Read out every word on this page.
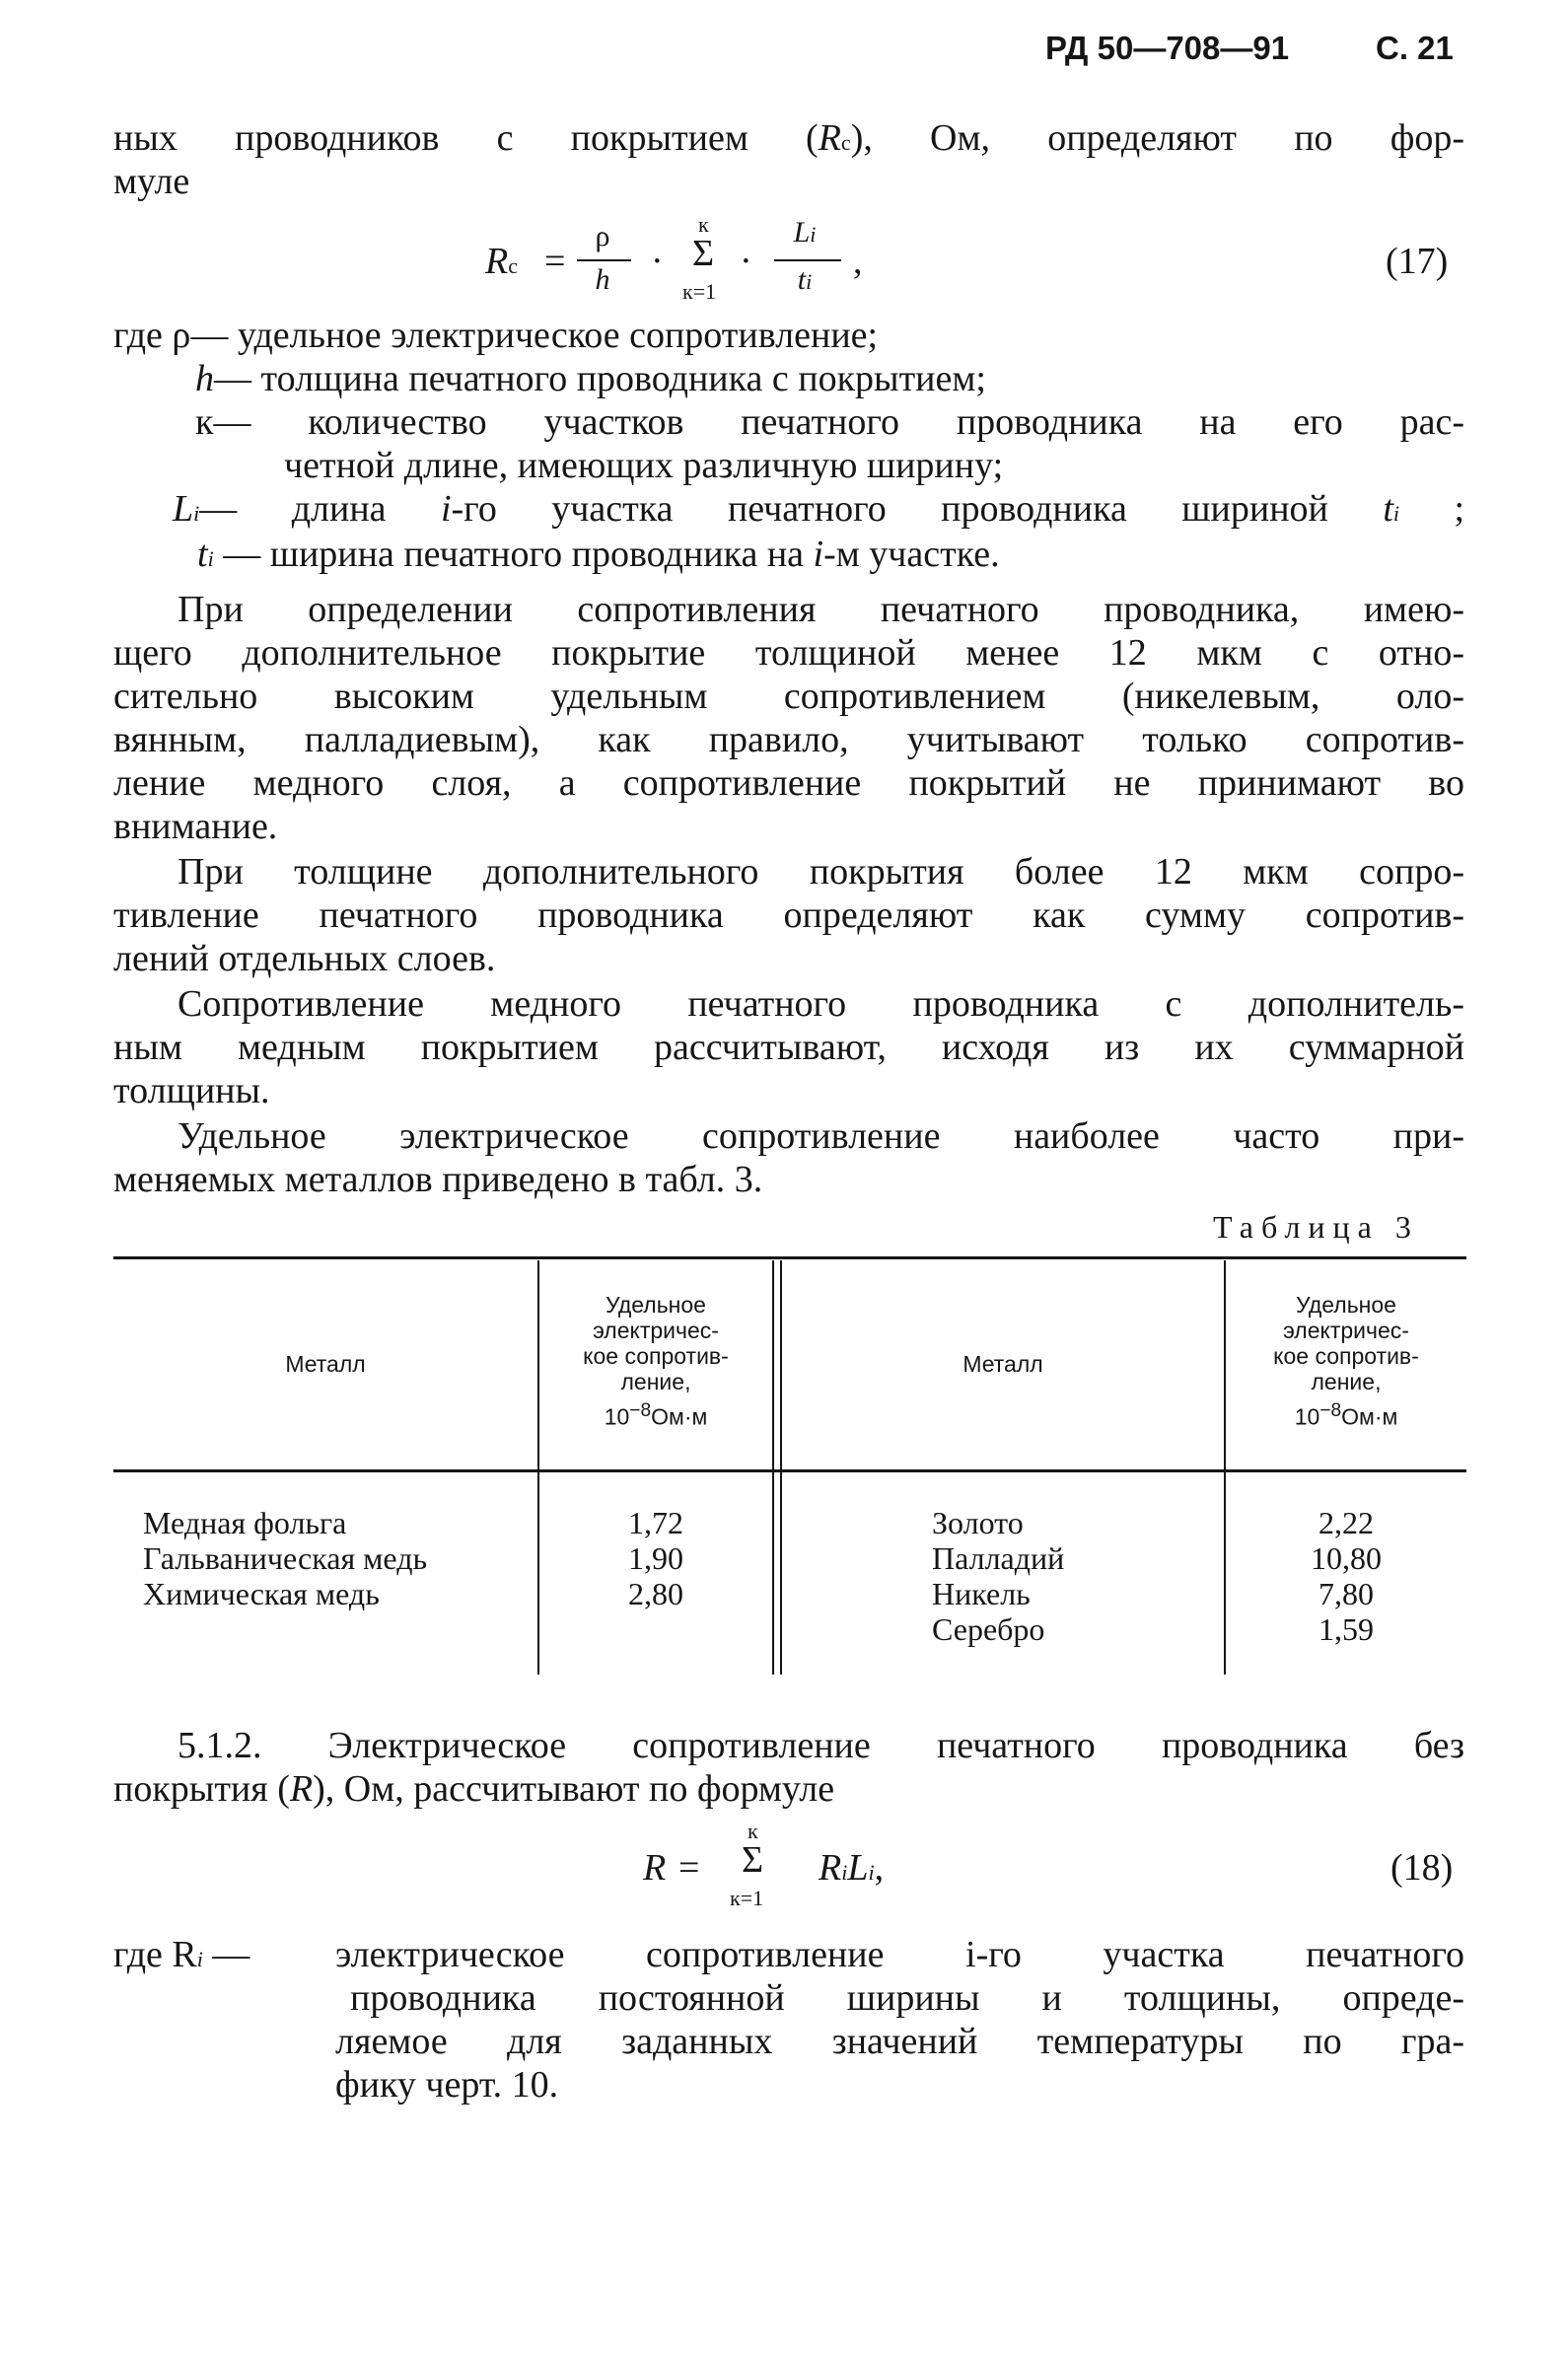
РД 50—708—91	С. 21
ных проводников с покрытием (Rс), Ом, определяют по фор-
муле
Rс =
ρ
h	·
к
Σ
к=1
·
Li
ti	,	(17)
где ρ— удельное электрическое сопротивление;
h— толщина печатного проводника с покрытием;
к— количество участков печатного проводника на его рас-
четной длине, имеющих различную ширину;
Li— длина i-го участка печатного проводника шириной ti ;
ti — ширина печатного проводника на i-м участке.
При определении сопротивления печатного проводника, имею-
щего дополнительное покрытие толщиной менее 12 мкм с отно-
сительно высоким удельным сопротивлением (никелевым, оло-
вянным, палладиевым), как правило, учитывают только сопротив-
ление медного слоя, а сопротивление покрытий не принимают во
внимание.
При толщине дополнительного покрытия более 12 мкм сопро-
тивление печатного проводника определяют как сумму сопротив-
лений отдельных слоев.
Сопротивление медного печатного проводника с дополнитель-
ным медным покрытием рассчитывают, исходя из их суммарной
толщины.
Удельное электрическое сопротивление наиболее часто при-
меняемых металлов приведено в табл. 3.
Таблица 3
Металл
Удельное
электричес-
кое сопротив-
ление,
$10^{-8}Ом\cdot м$
Металл
Удельное
электричес-
кое сопротив-
ление,
$10^{-8}Ом\cdot м$
Медная фольга	1,72
Гальваническая медь	1,90
Химическая медь	2,80
Золото	2,22
Палладий	10,80
Никель	7,80
Серебро	1,59
5.1.2. Электрическое сопротивление печатного проводника без
покрытия (R), Ом, рассчитывают по формуле
R =
к
Σ
к=1
RiLi,	(18)
где Ri — электрическое сопротивление i-го участка печатного
проводника постоянной ширины и толщины, опреде-
ляемое для заданных значений температуры по гра-
фику черт. 10.
